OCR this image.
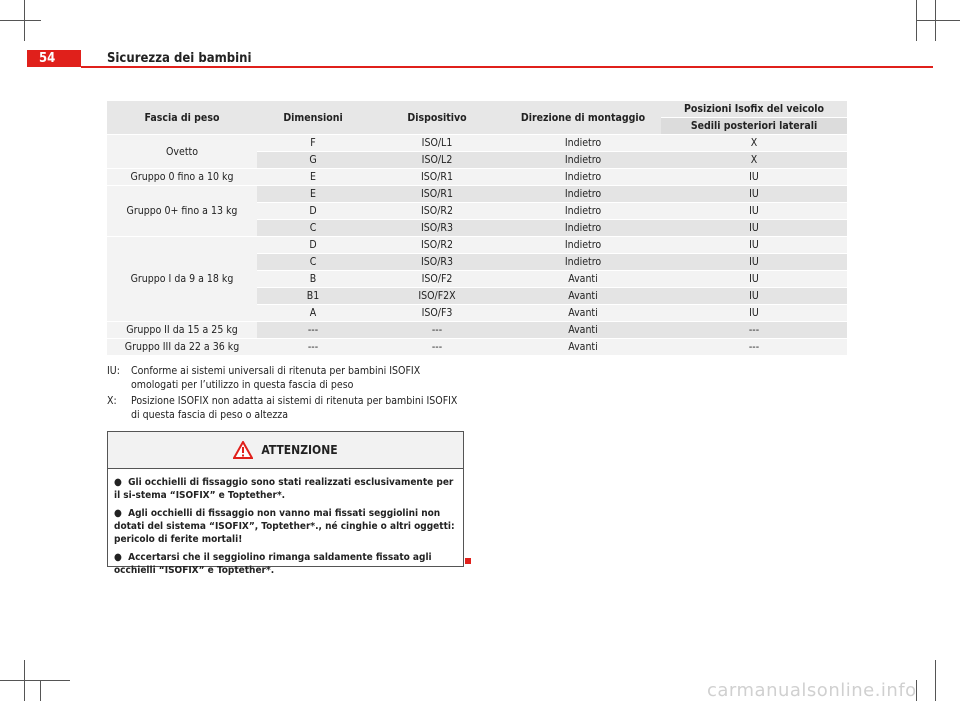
54	Sicurezza dei bambini
Fascia di peso	Dimensioni	Dispositivo	Direzione di montaggio	Posizioni Isofix del veicolo
				Sedili posteriori laterali
Ovetto	F	ISO/L1	Indietro	X
	G	ISO/L2	Indietro	X
Gruppo 0 fino a 10 kg	E	ISO/R1	Indietro	IU
Gruppo 0+ fino a 13 kg	E	ISO/R1	Indietro	IU
	D	ISO/R2	Indietro	IU
	C	ISO/R3	Indietro	IU
Gruppo I da 9 a 18 kg	D	ISO/R2	Indietro	IU
	C	ISO/R3	Indietro	IU
	B	ISO/F2	Avanti	IU
	B1	ISO/F2X	Avanti	IU
	A	ISO/F3	Avanti	IU
Gruppo II da 15 a 25 kg	---	---	Avanti	---
Gruppo III da 22 a 36 kg	---	---	Avanti	---
IU:	Conforme ai sistemi universali di ritenuta per bambini ISOFIX omologati per l’utilizzo in questa fascia di peso
X:	Posizione ISOFIX non adatta ai sistemi di ritenuta per bambini ISOFIX di questa fascia di peso o altezza
ATTENZIONE

● Gli occhielli di fissaggio sono stati realizzati esclusivamente per il si-stema “ISOFIX” e Toptether*.

● Agli occhielli di fissaggio non vanno mai fissati seggiolini non dotati del sistema “ISOFIX”, Toptether*., né cinghie o altri oggetti: pericolo di ferite mortali!

● Accertarsi che il seggiolino rimanga saldamente fissato agli occhielli “ISOFIX” e Toptether*.

carmanualsonline.info
